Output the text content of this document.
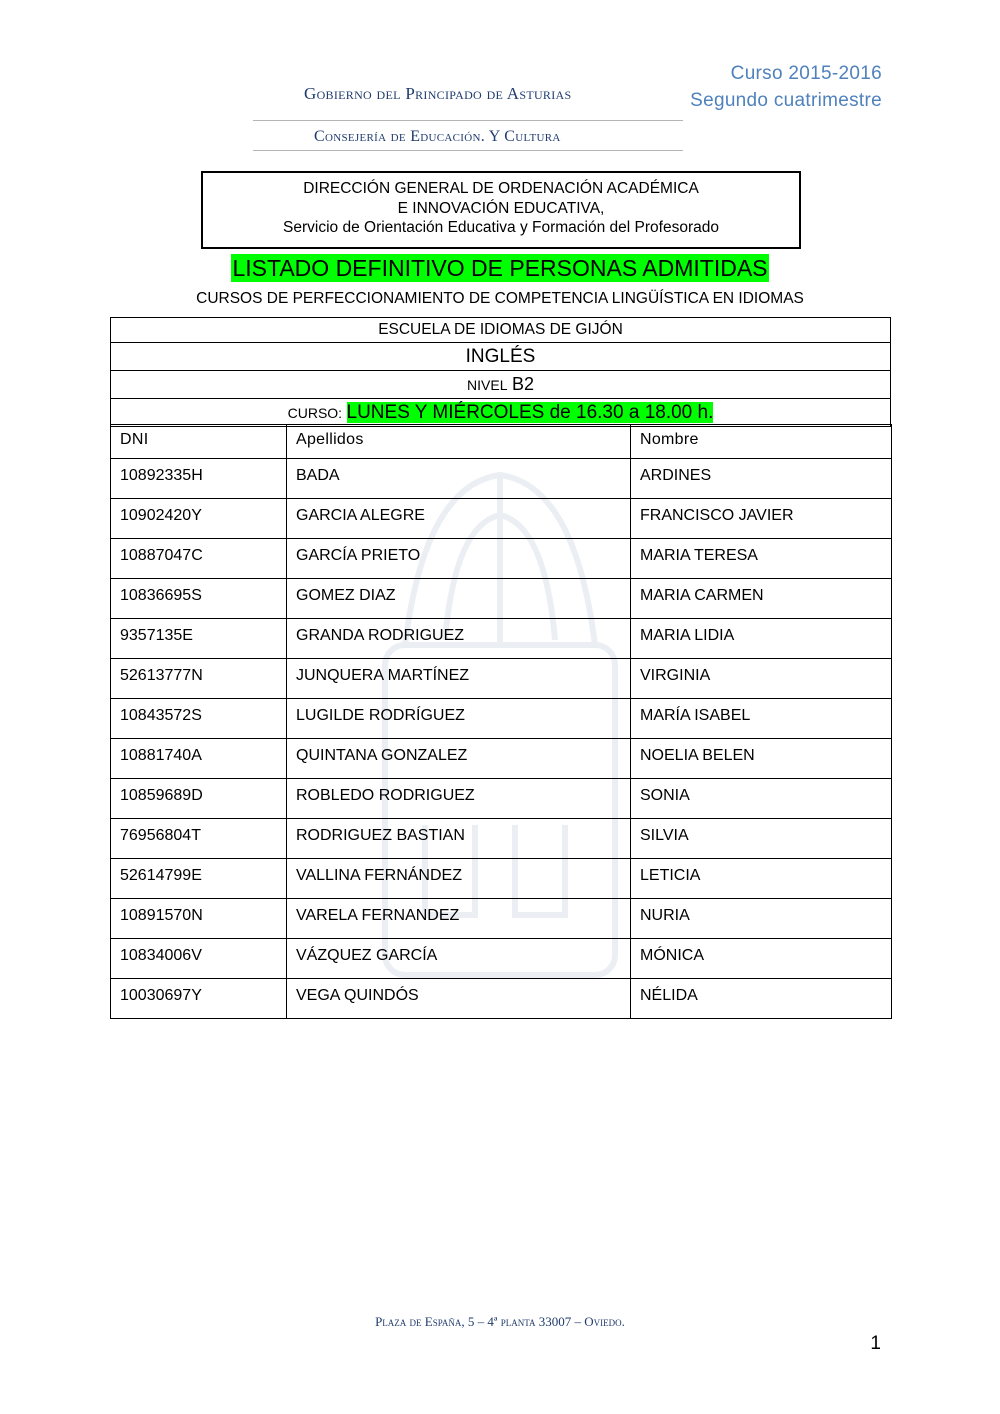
Gobierno del Principado de Asturias
Consejería de Educación. Y Cultura
Curso 2015-2016
Segundo cuatrimestre
DIRECCIÓN GENERAL DE ORDENACIÓN ACADÉMICA
E INNOVACIÓN EDUCATIVA,
Servicio de Orientación Educativa y Formación del Profesorado
LISTADO DEFINITIVO DE PERSONAS ADMITIDAS
CURSOS DE PERFECCIONAMIENTO DE COMPETENCIA LINGÜÍSTICA EN IDIOMAS
ESCUELA DE IDIOMAS DE GIJÓN
INGLÉS
NIVEL B2
CURSO: LUNES Y MIÉRCOLES de 16.30 a 18.00 h.
DNI	Apellidos	Nombre
10892335H	BADA	ARDINES
10902420Y	GARCIA ALEGRE	FRANCISCO JAVIER
10887047C	GARCÍA PRIETO	MARIA TERESA
10836695S	GOMEZ DIAZ	MARIA CARMEN
9357135E	GRANDA RODRIGUEZ	MARIA LIDIA
52613777N	JUNQUERA MARTÍNEZ	VIRGINIA
10843572S	LUGILDE RODRÍGUEZ	MARÍA ISABEL
10881740A	QUINTANA GONZALEZ	NOELIA BELEN
10859689D	ROBLEDO RODRIGUEZ	SONIA
76956804T	RODRIGUEZ BASTIAN	SILVIA
52614799E	VALLINA FERNÁNDEZ	LETICIA
10891570N	VARELA FERNANDEZ	NURIA
10834006V	VÁZQUEZ GARCÍA	MÓNICA
10030697Y	VEGA QUINDÓS	NÉLIDA
Plaza de España, 5 – 4ª planta 33007 – Oviedo.
1
